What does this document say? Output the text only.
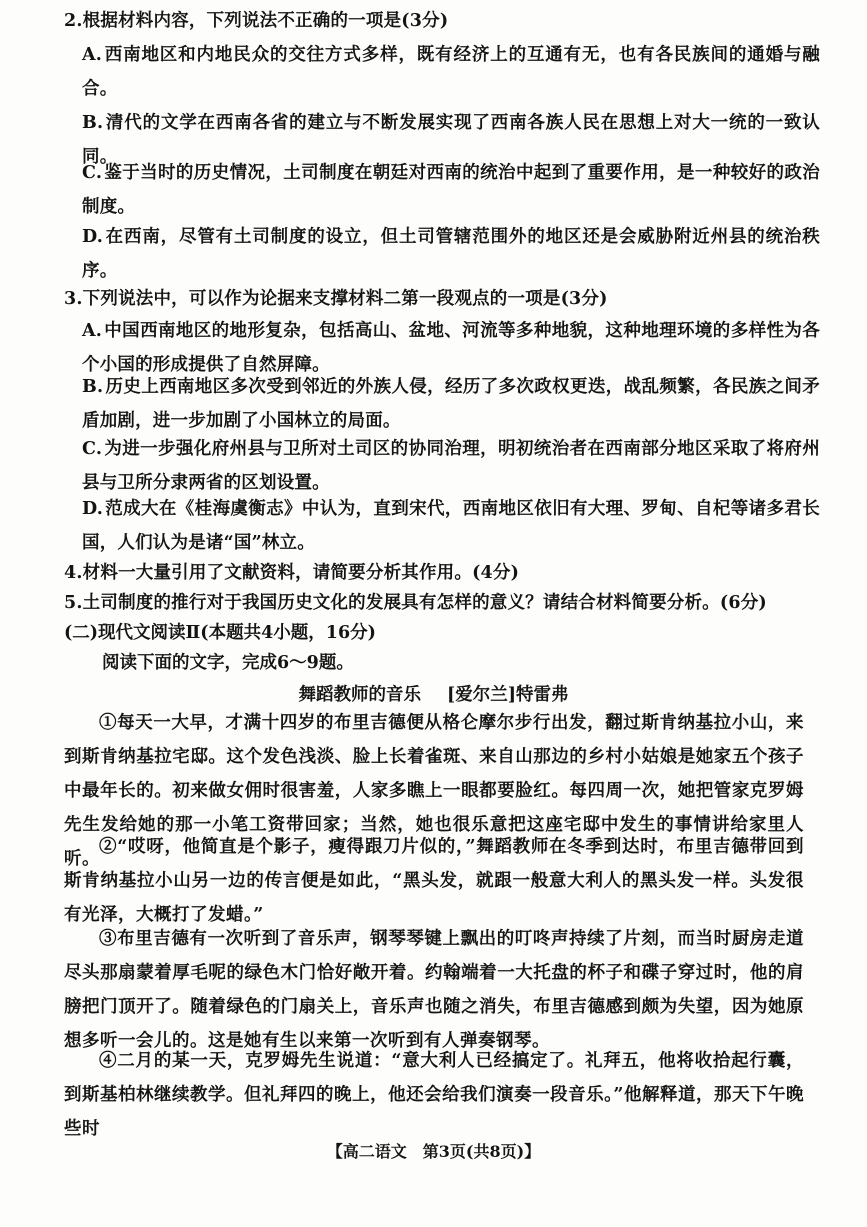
2.根据材料内容，下列说法不正确的一项是(3分)
A. 西南地区和内地民众的交往方式多样，既有经济上的互通有无，也有各民族间的通婚与融合。
B. 清代的文学在西南各省的建立与不断发展实现了西南各族人民在思想上对大一统的一致认同。
C. 鉴于当时的历史情况，土司制度在朝廷对西南的统治中起到了重要作用，是一种较好的政治制度。
D. 在西南，尽管有土司制度的设立，但土司管辖范围外的地区还是会威胁附近州县的统治秩序。
3.下列说法中，可以作为论据来支撑材料二第一段观点的一项是(3分)
A. 中国西南地区的地形复杂，包括高山、盆地、河流等多种地貌，这种地理环境的多样性为各个小国的形成提供了自然屏障。
B. 历史上西南地区多次受到邻近的外族人侵，经历了多次政权更迭，战乱频繁，各民族之间矛盾加剧，进一步加剧了小国林立的局面。
C. 为进一步强化府州县与卫所对土司区的协同治理，明初统治者在西南部分地区采取了将府州县与卫所分隶两省的区划设置。
D. 范成大在《桂海虞衡志》中认为，直到宋代，西南地区依旧有大理、罗甸、自杞等诸多君长国，人们认为是诸“国”林立。
4.材料一大量引用了文献资料，请简要分析其作用。(4分)
5.土司制度的推行对于我国历史文化的发展具有怎样的意义？请结合材料简要分析。(6分)
(二)现代文阅读Ⅱ(本题共4小题，16分)
阅读下面的文字，完成6～9题。
舞蹈教师的音乐 [爱尔兰]特雷弗
①每天一大早，才满十四岁的布里吉德便从格仑摩尔步行出发，翻过斯肯纳基拉小山，来到斯肯纳基拉宅邸。这个发色浅淡、脸上长着雀斑、来自山那边的乡村小姑娘是她家五个孩子中最年长的。初来做女佣时很害羞，人家多瞧上一眼都要脸红。每四周一次，她把管家克罗姆先生发给她的那一小笔工资带回家；当然，她也很乐意把这座宅邸中发生的事情讲给家里人听。
②“哎呀，他简直是个影子，瘦得跟刀片似的，”舞蹈教师在冬季到达时，布里吉德带回到斯肯纳基拉小山另一边的传言便是如此，“黑头发，就跟一般意大利人的黑头发一样。头发很有光泽，大概打了发蜡。”
③布里吉德有一次听到了音乐声，钢琴琴键上飘出的叮咚声持续了片刻，而当时厨房走道尽头那扇蒙着厚毛呢的绿色木门恰好敞开着。约翰端着一大托盘的杯子和碟子穿过时，他的肩膀把门顶开了。随着绿色的门扇关上，音乐声也随之消失，布里吉德感到颇为失望，因为她原想多听一会儿的。这是她有生以来第一次听到有人弹奏钢琴。
④二月的某一天，克罗姆先生说道：“意大利人已经搞定了。礼拜五，他将收拾起行囊，到斯基柏林继续教学。但礼拜四的晚上，他还会给我们演奏一段音乐。”他解释道，那天下午晚些时
【高二语文　第3页(共8页)】
